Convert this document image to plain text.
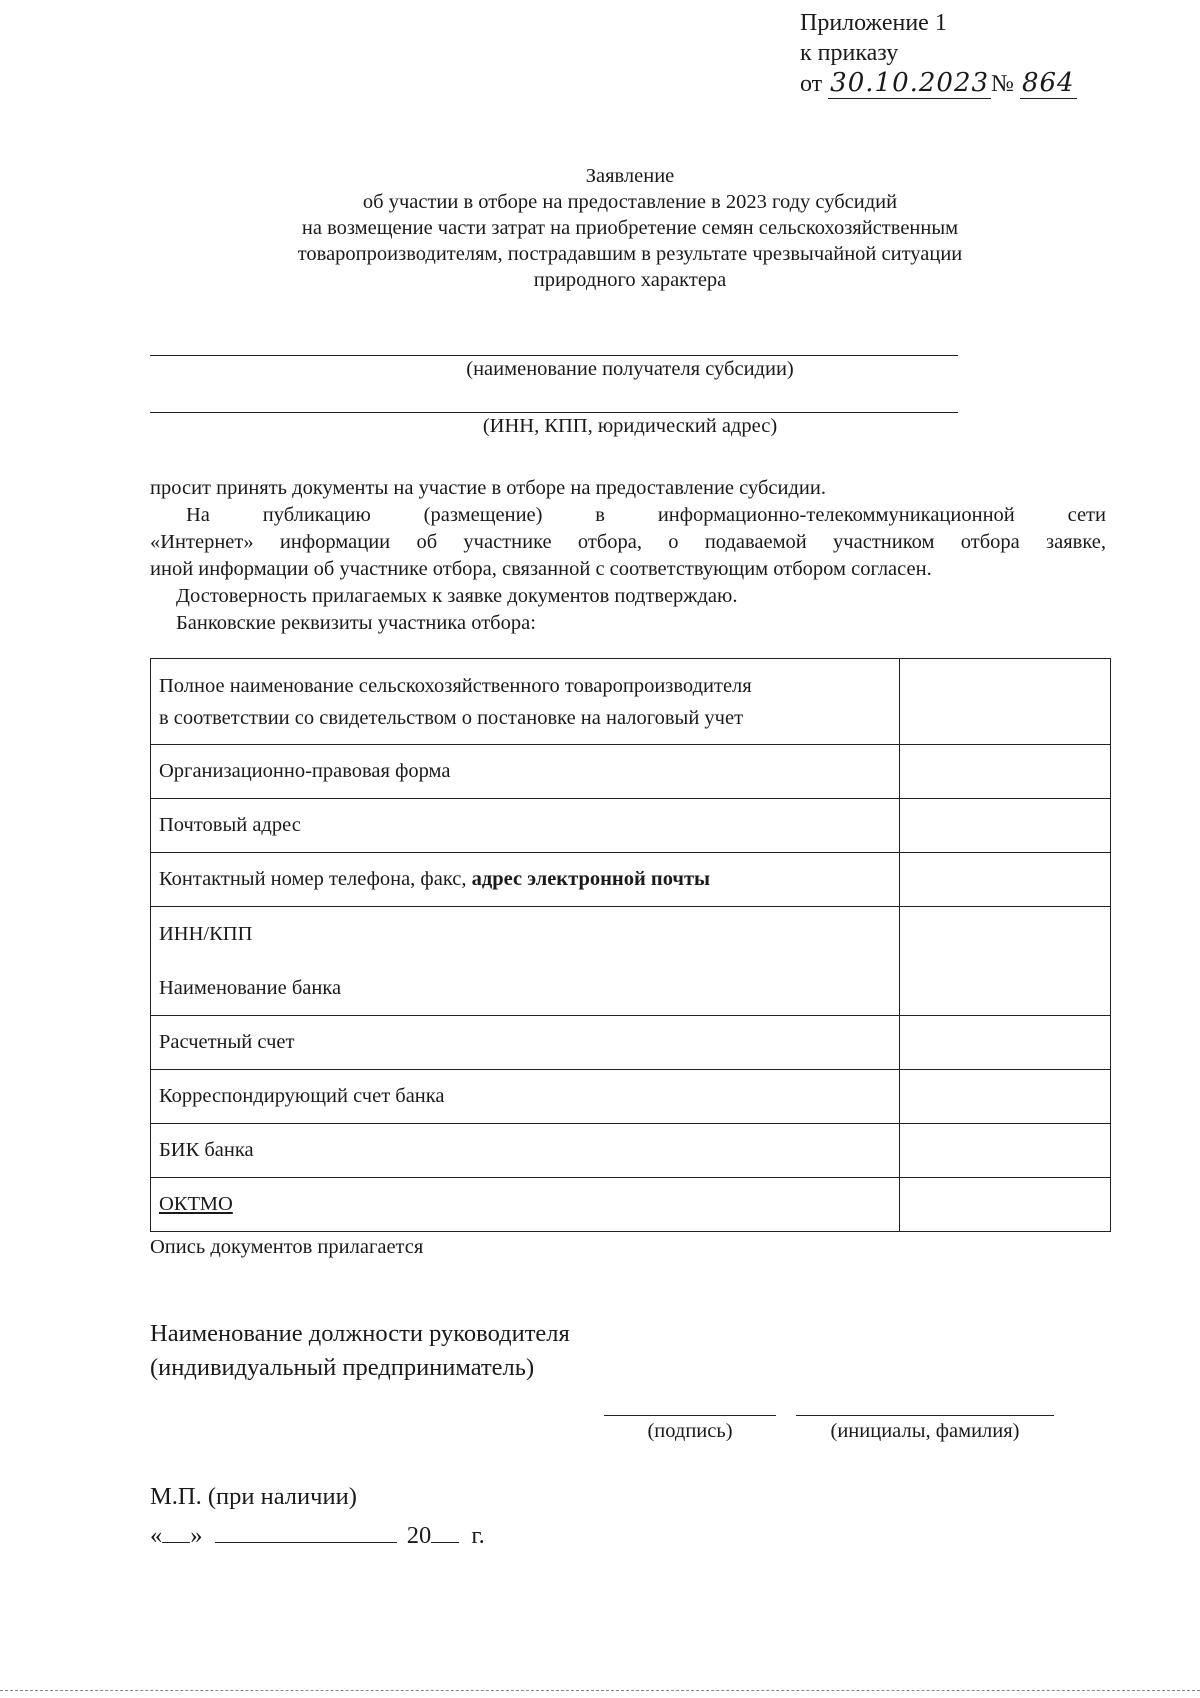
Приложение 1
к приказу
от 30.10.2023№ 864
Заявление
об участии в отборе на предоставление в 2023 году субсидий
на возмещение части затрат на приобретение семян сельскохозяйственным
товаропроизводителям, пострадавшим в результате чрезвычайной ситуации
природного характера
(наименование получателя субсидии)
(ИНН, КПП, юридический адрес)
просит принять документы на участие в отборе на предоставление субсидии.
На публикацию (размещение) в информационно-телекоммуникационной сети
«Интернет» информации об участнике отбора, о подаваемой участником отбора заявке,
иной информации об участнике отбора, связанной с соответствующим отбором согласен.
Достоверность прилагаемых к заявке документов подтверждаю.
Банковские реквизиты участника отбора:
Полное наименование сельскохозяйственного товаропроизводителя
в соответствии со свидетельством о постановке на налоговый учет	

Организационно-правовая форма	
Почтовый адрес	
Контактный номер телефона, факс, адрес электронной почты	

ИНН/КПП
Наименование банка	

Расчетный счет	
Корреспондирующий счет банка	
БИК банка	
ОКТМО	
Опись документов прилагается
Наименование должности руководителя
(индивидуальный предприниматель)
(подпись)	(инициалы, фамилия)
М.П. (при наличии)
« »	20 г.
